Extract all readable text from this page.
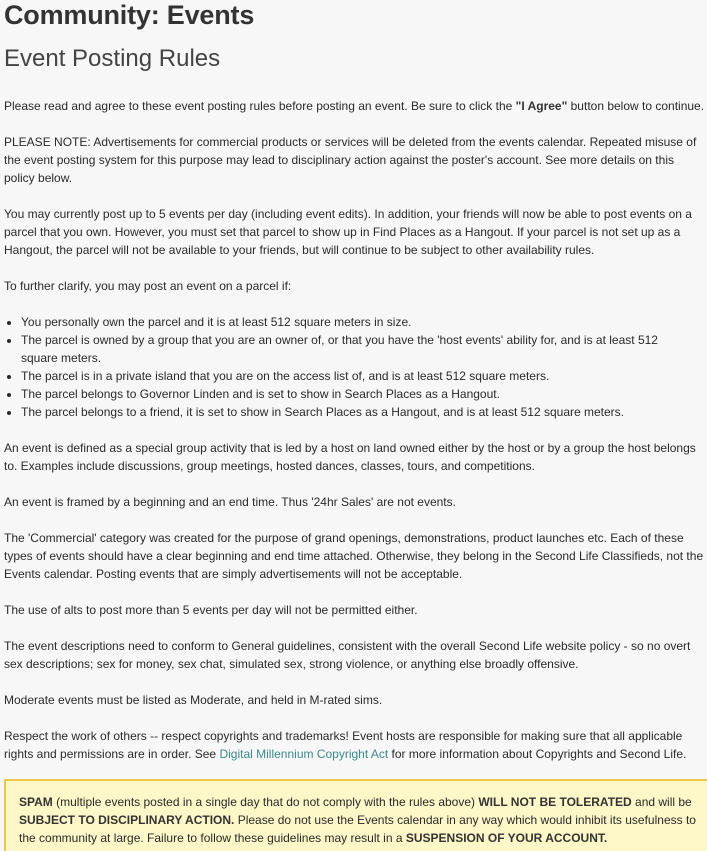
Community: Events
Event Posting Rules

Please read and agree to these event posting rules before posting an event. Be sure to click the "I Agree" button below to continue.

PLEASE NOTE: Advertisements for commercial products or services will be deleted from the events calendar. Repeated misuse of the event posting system for this purpose may lead to disciplinary action against the poster's account. See more details on this policy below.

You may currently post up to 5 events per day (including event edits). In addition, your friends will now be able to post events on a parcel that you own. However, you must set that parcel to show up in Find Places as a Hangout. If your parcel is not set up as a Hangout, the parcel will not be available to your friends, but will continue to be subject to other availability rules.

To further clarify, you may post an event on a parcel if:

• You personally own the parcel and it is at least 512 square meters in size.
• The parcel is owned by a group that you are an owner of, or that you have the 'host events' ability for, and is at least 512 square meters.
• The parcel is in a private island that you are on the access list of, and is at least 512 square meters.
• The parcel belongs to Governor Linden and is set to show in Search Places as a Hangout.
• The parcel belongs to a friend, it is set to show in Search Places as a Hangout, and is at least 512 square meters.

An event is defined as a special group activity that is led by a host on land owned either by the host or by a group the host belongs to. Examples include discussions, group meetings, hosted dances, classes, tours, and competitions.

An event is framed by a beginning and an end time. Thus '24hr Sales' are not events.

The 'Commercial' category was created for the purpose of grand openings, demonstrations, product launches etc. Each of these types of events should have a clear beginning and end time attached. Otherwise, they belong in the Second Life Classifieds, not the Events calendar. Posting events that are simply advertisements will not be acceptable.

The use of alts to post more than 5 events per day will not be permitted either.

The event descriptions need to conform to General guidelines, consistent with the overall Second Life website policy - so no overt sex descriptions; sex for money, sex chat, simulated sex, strong violence, or anything else broadly offensive.

Moderate events must be listed as Moderate, and held in M-rated sims.

Respect the work of others -- respect copyrights and trademarks! Event hosts are responsible for making sure that all applicable rights and permissions are in order. See Digital Millennium Copyright Act for more information about Copyrights and Second Life.

SPAM (multiple events posted in a single day that do not comply with the rules above) WILL NOT BE TOLERATED and will be SUBJECT TO DISCIPLINARY ACTION. Please do not use the Events calendar in any way which would inhibit its usefulness to the community at large. Failure to follow these guidelines may result in a SUSPENSION OF YOUR ACCOUNT.
